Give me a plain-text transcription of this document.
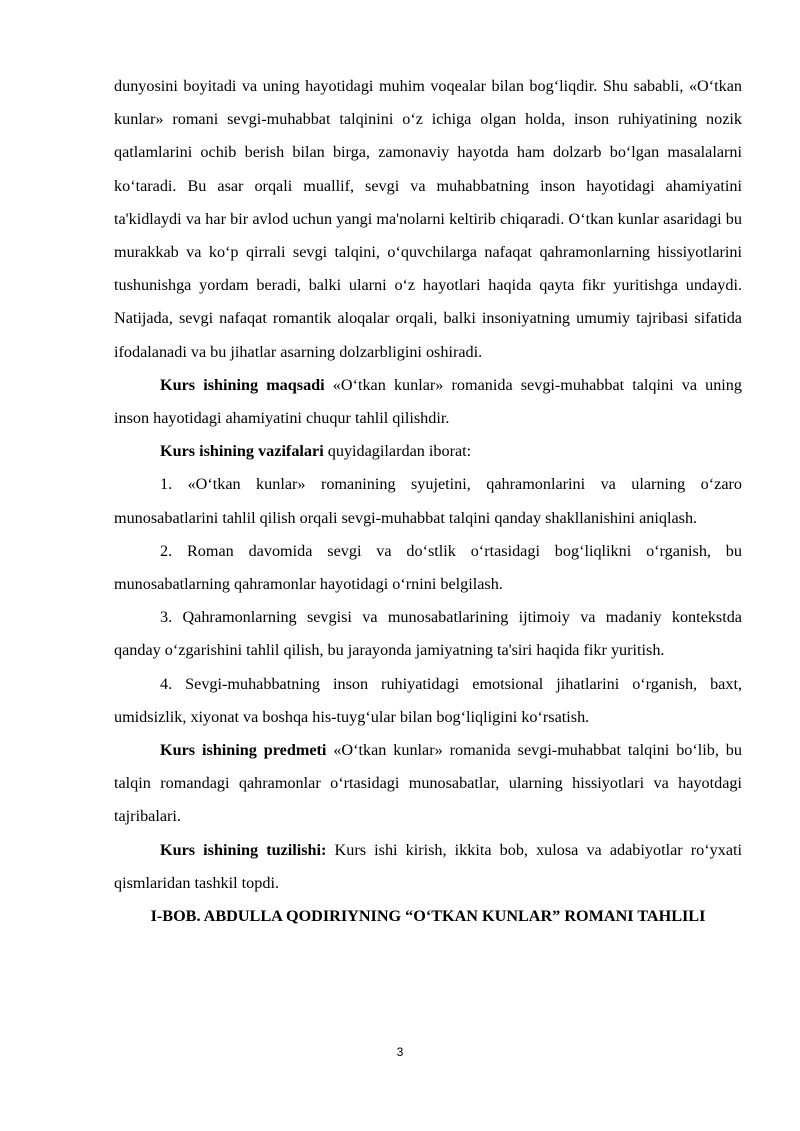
dunyosini boyitadi va uning hayotidagi muhim voqealar bilan bog‘liqdir. Shu sababli, «O‘tkan kunlar» romani sevgi-muhabbat talqinini o‘z ichiga olgan holda, inson ruhiyatining nozik qatlamlarini ochib berish bilan birga, zamonaviy hayotda ham dolzarb bo‘lgan masalalarni ko‘taradi. Bu asar orqali muallif, sevgi va muhabbatning inson hayotidagi ahamiyatini ta'kidlaydi va har bir avlod uchun yangi ma'nolarni keltirib chiqaradi. O‘tkan kunlar asaridagi bu murakkab va ko‘p qirrali sevgi talqini, o‘quvchilarga nafaqat qahramonlarning hissiyotlarini tushunishga yordam beradi, balki ularni o‘z hayotlari haqida qayta fikr yuritishga undaydi. Natijada, sevgi nafaqat romantik aloqalar orqali, balki insoniyatning umumiy tajribasi sifatida ifodalanadi va bu jihatlar asarning dolzarbligini oshiradi.

Kurs ishining maqsadi «O‘tkan kunlar» romanida sevgi-muhabbat talqini va uning inson hayotidagi ahamiyatini chuqur tahlil qilishdir.

Kurs ishining vazifalari quyidagilardan iborat:

1. «O‘tkan kunlar» romanining syujetini, qahramonlarini va ularning o‘zaro munosabatlarini tahlil qilish orqali sevgi-muhabbat talqini qanday shakllanishini aniqlash.

2. Roman davomida sevgi va do‘stlik o‘rtasidagi bog‘liqlikni o‘rganish, bu munosabatlarning qahramonlar hayotidagi o‘rnini belgilash.

3. Qahramonlarning sevgisi va munosabatlarining ijtimoiy va madaniy kontekstda qanday o‘zgarishini tahlil qilish, bu jarayonda jamiyatning ta'siri haqida fikr yuritish.

4. Sevgi-muhabbatning inson ruhiyatidagi emotsional jihatlarini o‘rganish, baxt, umidsizlik, xiyonat va boshqa his-tuyg‘ular bilan bog‘liqligini ko‘rsatish.

Kurs ishining predmeti «O‘tkan kunlar» romanida sevgi-muhabbat talqini bo‘lib, bu talqin romandagi qahramonlar o‘rtasidagi munosabatlar, ularning hissiyotlari va hayotdagi tajribalari.

Kurs ishining tuzilishi: Kurs ishi kirish, ikkita bob, xulosa va adabiyotlar ro‘yxati qismlaridan tashkil topdi.

I-BOB. ABDULLA QODIRIYNING “O‘TKAN KUNLAR” ROMANI TAHLILI

3
